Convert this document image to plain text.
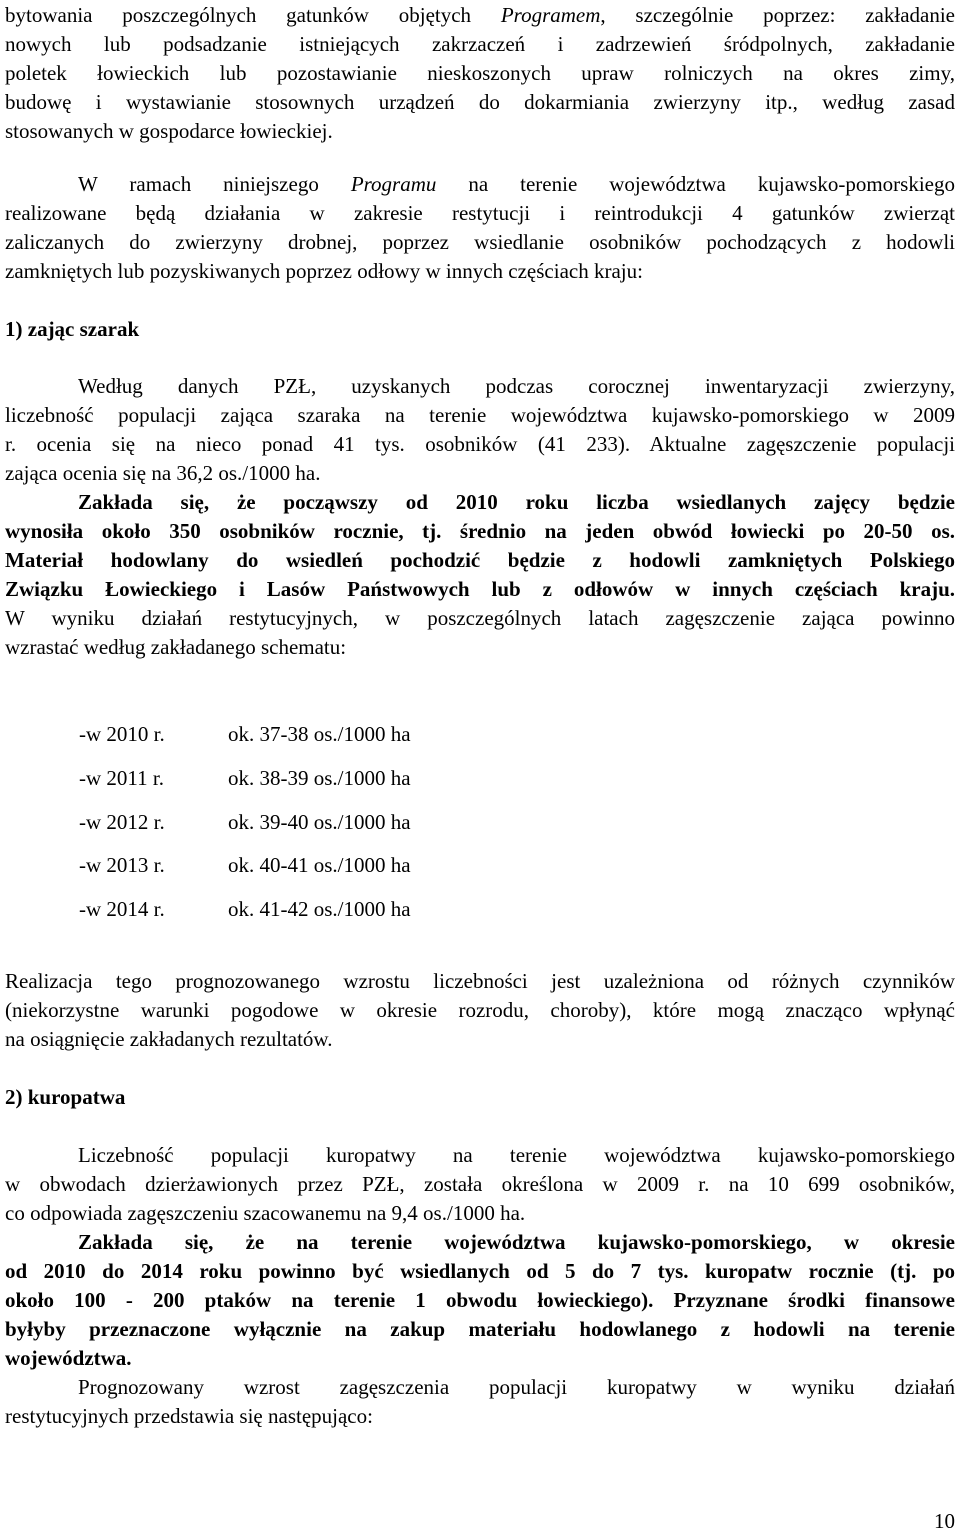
bytowania poszczególnych gatunków objętych Programem, szczególnie poprzez: zakładanie
nowych lub podsadzanie istniejących zakrzaczeń i zadrzewień śródpolnych, zakładanie
poletek łowieckich lub pozostawianie nieskoszonych upraw rolniczych na okres zimy,
budowę i wystawianie stosownych urządzeń do dokarmiania zwierzyny itp., według zasad
stosowanych w gospodarce łowieckiej.

W ramach niniejszego Programu na terenie województwa kujawsko-pomorskiego
realizowane będą działania w zakresie restytucji i reintrodukcji 4 gatunków zwierząt
zaliczanych do zwierzyny drobnej, poprzez wsiedlanie osobników pochodzących z hodowli
zamkniętych lub pozyskiwanych poprzez odłowy w innych częściach kraju:

1) zając szarak

Według danych PZŁ, uzyskanych podczas corocznej inwentaryzacji zwierzyny,
liczebność populacji zająca szaraka na terenie województwa kujawsko-pomorskiego w 2009
r. ocenia się na nieco ponad 41 tys. osobników (41 233). Aktualne zagęszczenie populacji
zająca ocenia się na 36,2 os./1000 ha.

Zakłada się, że począwszy od 2010 roku liczba wsiedlanych zajęcy będzie
wynosiła około 350 osobników rocznie, tj. średnio na jeden obwód łowiecki po 20-50 os.
Materiał hodowlany do wsiedleń pochodzić będzie z hodowli zamkniętych Polskiego
Związku Łowieckiego i Lasów Państwowych lub z odłowów w innych częściach kraju.

W wyniku działań restytucyjnych, w poszczególnych latach zagęszczenie zająca powinno
wzrastać według zakładanego schematu:

-w 2010 r.	ok. 37-38 os./1000 ha
-w 2011 r.	ok. 38-39 os./1000 ha
-w 2012 r.	ok. 39-40 os./1000 ha
-w 2013 r.	ok. 40-41 os./1000 ha
-w 2014 r.	ok. 41-42 os./1000 ha

Realizacja tego prognozowanego wzrostu liczebności jest uzależniona od różnych czynników
(niekorzystne warunki pogodowe w okresie rozrodu, choroby), które mogą znacząco wpłynąć
na osiągnięcie zakładanych rezultatów.

2) kuropatwa

Liczebność populacji kuropatwy na terenie województwa kujawsko-pomorskiego
w obwodach dzierżawionych przez PZŁ, została określona w 2009 r. na 10 699 osobników,
co odpowiada zagęszczeniu szacowanemu na 9,4 os./1000 ha.

Zakłada się, że na terenie województwa kujawsko-pomorskiego, w okresie
od 2010 do 2014 roku powinno być wsiedlanych od 5 do 7 tys. kuropatw rocznie (tj. po
około 100 - 200 ptaków na terenie 1 obwodu łowieckiego). Przyznane środki finansowe
byłyby przeznaczone wyłącznie na zakup materiału hodowlanego z hodowli na terenie
województwa.

Prognozowany wzrost zagęszczenia populacji kuropatwy w wyniku działań
restytucyjnych przedstawia się następująco:

10
